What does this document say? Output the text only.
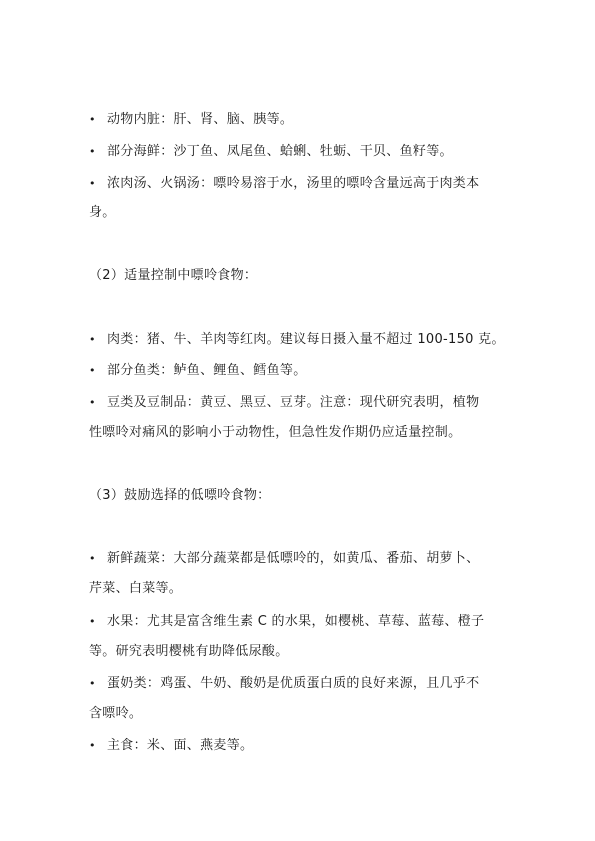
• 动物内脏：肝、肾、脑、胰等。
• 部分海鲜：沙丁鱼、凤尾鱼、蛤蜊、牡蛎、干贝、鱼籽等。
• 浓肉汤、火锅汤：嘌呤易溶于水，汤里的嘌呤含量远高于肉类本
身。
（2）适量控制中嘌呤食物：
• 肉类：猪、牛、羊肉等红肉。建议每日摄入量不超过 100-150 克。
• 部分鱼类：鲈鱼、鲤鱼、鳕鱼等。
• 豆类及豆制品：黄豆、黑豆、豆芽。注意：现代研究表明，植物
性嘌呤对痛风的影响小于动物性，但急性发作期仍应适量控制。
（3）鼓励选择的低嘌呤食物：
• 新鲜蔬菜：大部分蔬菜都是低嘌呤的，如黄瓜、番茄、胡萝卜、
芹菜、白菜等。
• 水果：尤其是富含维生素 C 的水果，如樱桃、草莓、蓝莓、橙子
等。研究表明樱桃有助降低尿酸。
• 蛋奶类：鸡蛋、牛奶、酸奶是优质蛋白质的良好来源，且几乎不
含嘌呤。
• 主食：米、面、燕麦等。
